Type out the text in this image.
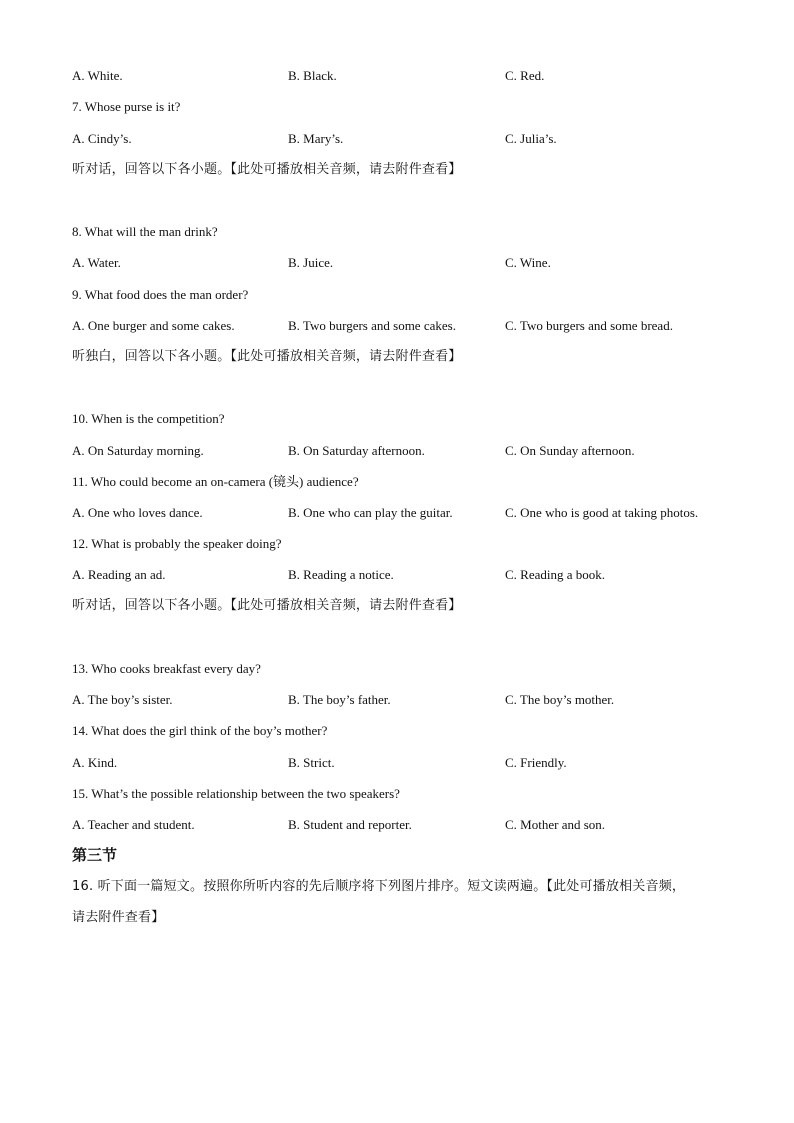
A. White.	B. Black.	C. Red.
7. Whose purse is it?
A. Cindy’s.	B. Mary’s.	C. Julia’s.
听对话，回答以下各小题。【此处可播放相关音频，请去附件查看】
8. What will the man drink?
A. Water.	B. Juice.	C. Wine.
9. What food does the man order?
A. One burger and some cakes.	B. Two burgers and some cakes.	C. Two burgers and some bread.
听独白，回答以下各小题。【此处可播放相关音频，请去附件查看】
10. When is the competition?
A. On Saturday morning.	B. On Saturday afternoon.	C. On Sunday afternoon.
11. Who could become an on-camera (镜头) audience?
A. One who loves dance.	B. One who can play the guitar.	C. One who is good at taking photos.
12. What is probably the speaker doing?
A. Reading an ad.	B. Reading a notice.	C. Reading a book.
听对话，回答以下各小题。【此处可播放相关音频，请去附件查看】
13. Who cooks breakfast every day?
A. The boy’s sister.	B. The boy’s father.	C. The boy’s mother.
14. What does the girl think of the boy’s mother?
A. Kind.	B. Strict.	C. Friendly.
15. What’s the possible relationship between the two speakers?
A. Teacher and student.	B. Student and reporter.	C. Mother and son.
第三节
16. 听下面一篇短文。按照你所听内容的先后顺序将下列图片排序。短文读两遍。【此处可播放相关音频，
请去附件查看】
